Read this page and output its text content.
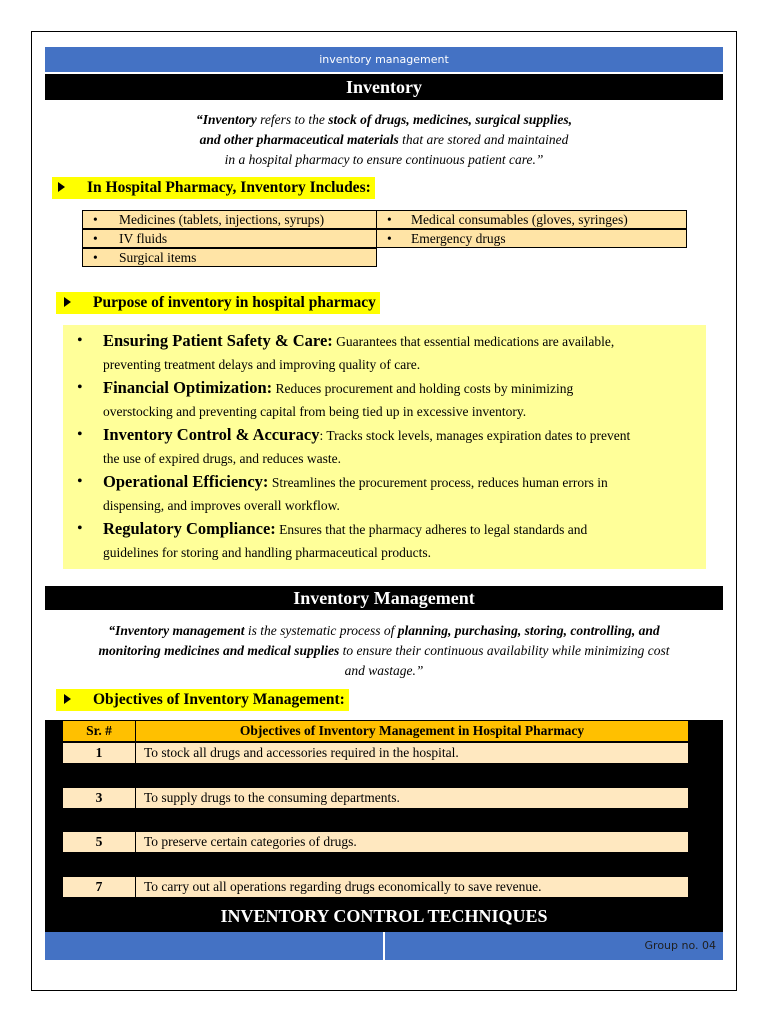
inventory management
Inventory
“Inventory refers to the stock of drugs, medicines, surgical supplies,
and other pharmaceutical materials that are stored and maintained
in a hospital pharmacy to ensure continuous patient care.”
In Hospital Pharmacy, Inventory Includes:
• Medicines (tablets, injections, syrups)
• IV fluids
• Surgical items
• Medical consumables (gloves, syringes)
• Emergency drugs
Purpose of inventory in hospital pharmacy
• Ensuring Patient Safety & Care: Guarantees that essential medications are available,
preventing treatment delays and improving quality of care.
• Financial Optimization: Reduces procurement and holding costs by minimizing
overstocking and preventing capital from being tied up in excessive inventory.
• Inventory Control & Accuracy: Tracks stock levels, manages expiration dates to prevent
the use of expired drugs, and reduces waste.
• Operational Efficiency: Streamlines the procurement process, reduces human errors in
dispensing, and improves overall workflow.
• Regulatory Compliance: Ensures that the pharmacy adheres to legal standards and
guidelines for storing and handling pharmaceutical products.
Inventory Management
“Inventory management is the systematic process of planning, purchasing, storing, controlling, and
monitoring medicines and medical supplies to ensure their continuous availability while minimizing cost
and wastage.”
Objectives of Inventory Management:
Sr. #	Objectives of Inventory Management in Hospital Pharmacy
1	To stock all drugs and accessories required in the hospital.
3	To supply drugs to the consuming departments.
5	To preserve certain categories of drugs.
7	To carry out all operations regarding drugs economically to save revenue.
INVENTORY CONTROL TECHNIQUES
Group no. 04
